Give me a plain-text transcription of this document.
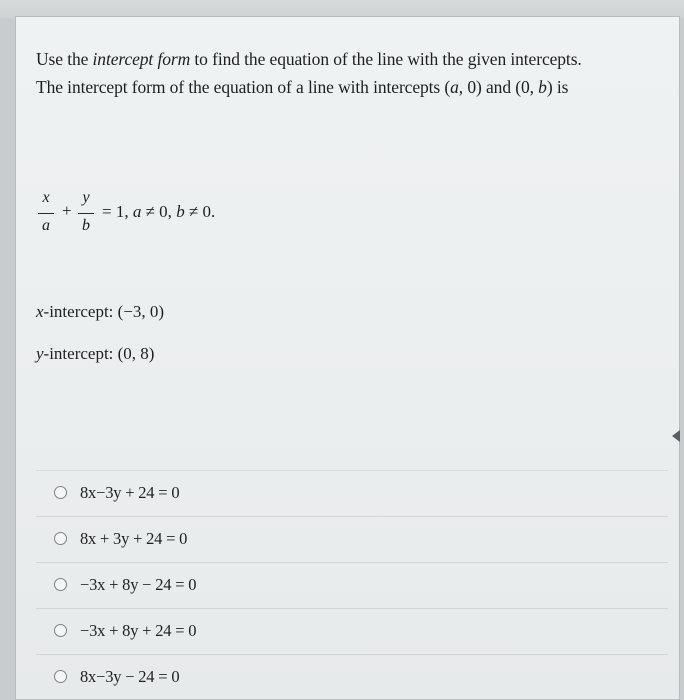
Use the intercept form to find the equation of the line with the given intercepts.
The intercept form of the equation of a line with intercepts (a, 0) and (0, b) is
x
a
+
y
b
= 1, a ≠ 0, b ≠ 0.
x-intercept: (−3, 0)
y-intercept: (0, 8)
8x−3y + 24 = 0
8x + 3y + 24 = 0
−3x + 8y − 24 = 0
−3x + 8y + 24 = 0
8x−3y − 24 = 0
